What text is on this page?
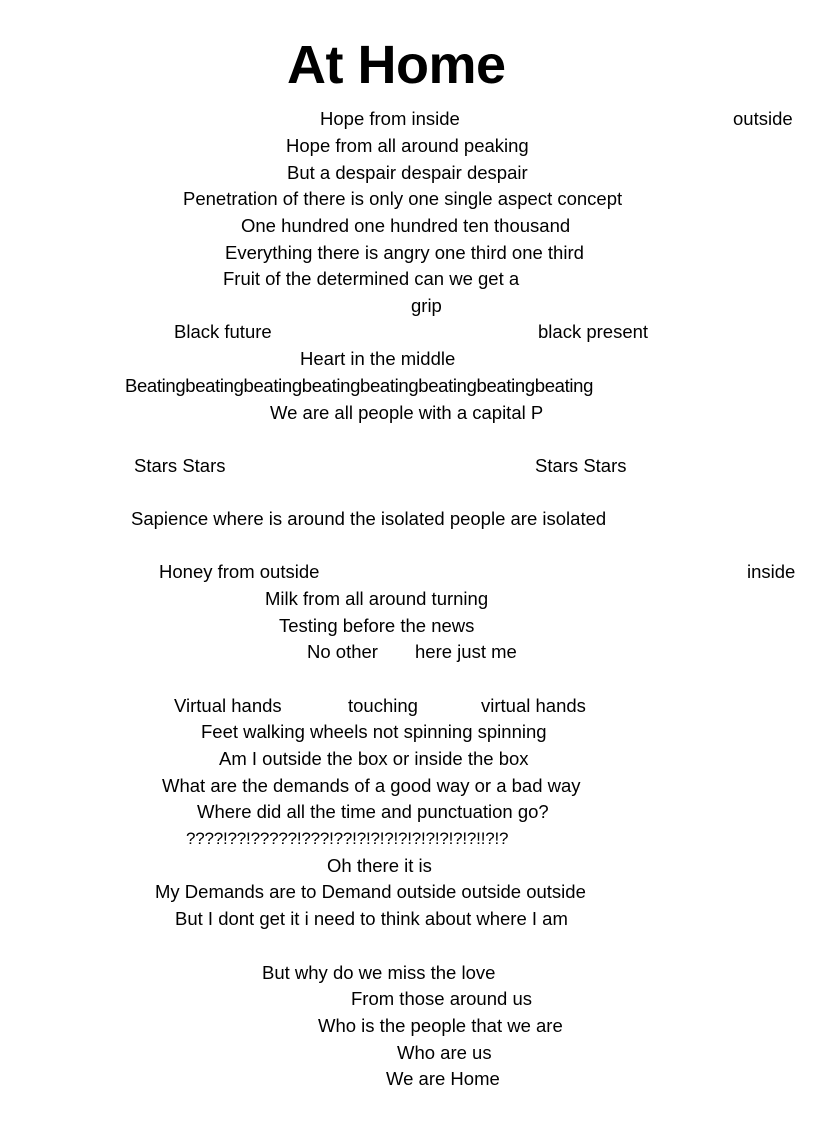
At Home
Hope from inside	outside
Hope from all around peaking
But a despair despair despair
Penetration of there is only one single aspect concept
One hundred one hundred ten thousand
Everything there is angry one third one third
Fruit of the determined can we get a
grip
Black future	black present
Heart in the middle
Beatingbeatingbeatingbeatingbeatingbeatingbeatingbeating
We are all people with a capital P
Stars Stars	Stars Stars
Sapience where is around the isolated people are isolated
Honey from outside	inside
Milk from all around turning
Testing before the news
No other here just me
Virtual hands	touching	virtual hands
Feet walking wheels not spinning spinning
Am I outside the box or inside the box
What are the demands of a good way or a bad way
Where did all the time and punctuation go?
????!??!?????!???!??!?!?!?!?!?!?!?!?!?!!?!?
Oh there it is
My Demands are to Demand outside outside outside
But I dont get it i need to think about where I am
But why do we miss the love
From those around us
Who is the people that we are
Who are us
We are Home
